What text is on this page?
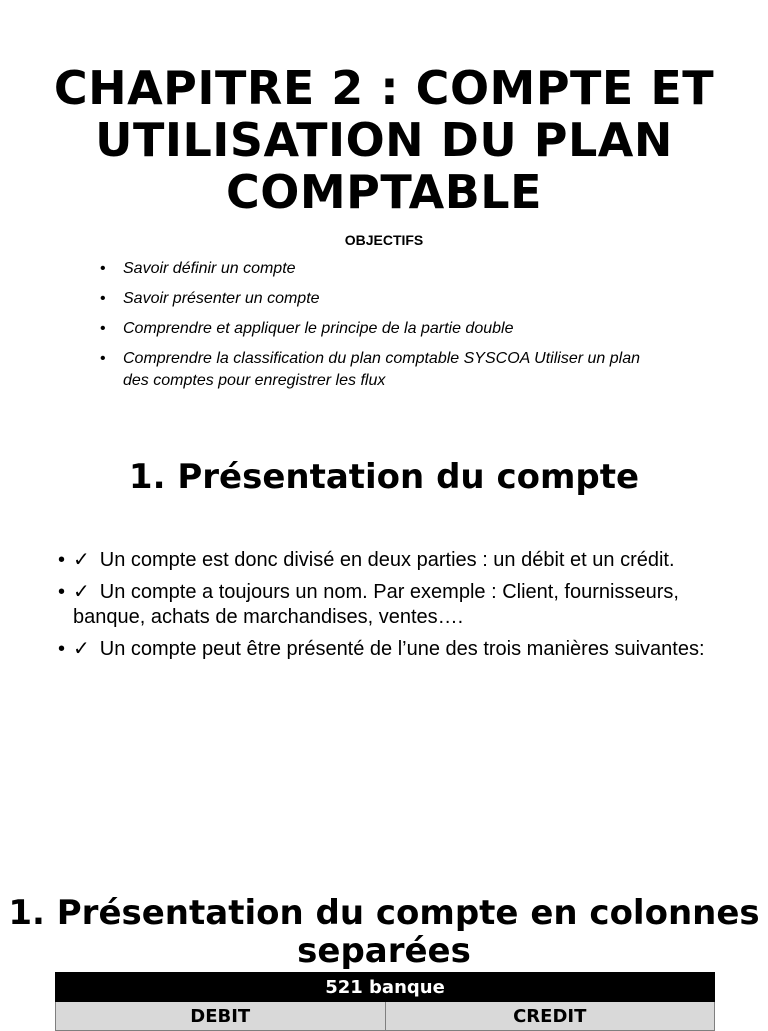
CHAPITRE 2 : COMPTE ET UTILISATION DU PLAN COMPTABLE
OBJECTIFS
• Savoir définir un compte
• Savoir présenter un compte
• Comprendre et appliquer le principe de la partie double
• Comprendre la classification du plan comptable SYSCOA Utiliser un plan des comptes pour enregistrer les flux
1. Présentation du compte
• ✓ Un compte est donc divisé en deux parties : un débit et un crédit.
• ✓ Un compte a toujours un nom. Par exemple : Client, fournisseurs, banque, achats de marchandises, ventes….
• ✓ Un compte peut être présenté de l’une des trois manières suivantes:
1. Présentation du compte en colonnes separées
521 banque
DEBIT	CREDIT
